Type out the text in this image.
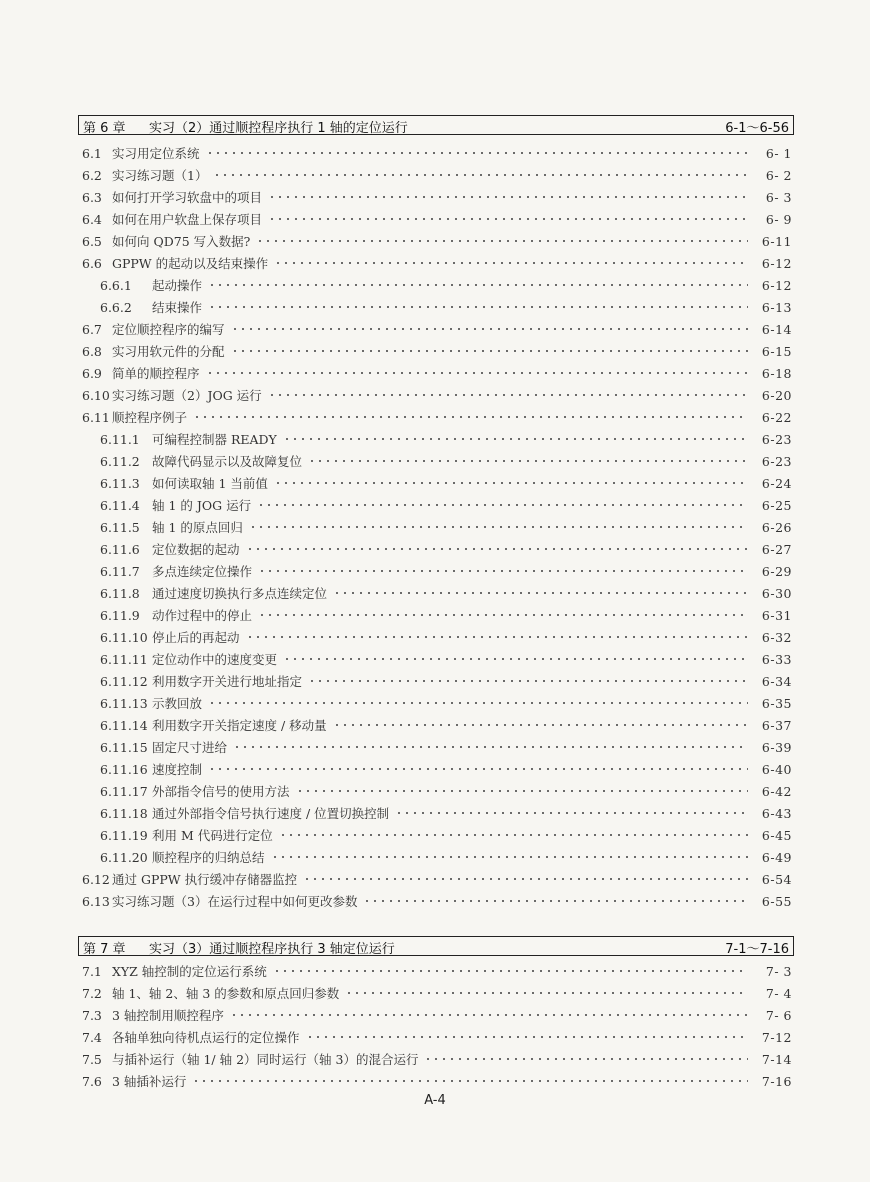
第 6 章 实习（2）通过顺控程序执行 1 轴的定位运行	6-1～6-56
6.1 实习用定位系统	6- 1
6.2 实习练习题（1）	6- 2
6.3 如何打开学习软盘中的项目	6- 3
6.4 如何在用户软盘上保存项目	6- 9
6.5 如何向 QD75 写入数据?	6-11
6.6 GPPW 的起动以及结束操作	6-12
6.6.1	起动操作	6-12
6.6.2	结束操作	6-13
6.7 定位顺控程序的编写	6-14
6.8 实习用软元件的分配	6-15
6.9 简单的顺控程序	6-18
6.10 实习练习题（2）JOG 运行	6-20
6.11 顺控程序例子	6-22
6.11.1 可编程控制器 READY	6-23
6.11.2 故障代码显示以及故障复位	6-23
6.11.3 如何读取轴 1 当前值	6-24
6.11.4 轴 1 的 JOG 运行	6-25
6.11.5 轴 1 的原点回归	6-26
6.11.6 定位数据的起动	6-27
6.11.7 多点连续定位操作	6-29
6.11.8 通过速度切换执行多点连续定位	6-30
6.11.9 动作过程中的停止	6-31
6.11.10 停止后的再起动	6-32
6.11.11 定位动作中的速度变更	6-33
6.11.12 利用数字开关进行地址指定	6-34
6.11.13 示教回放	6-35
6.11.14 利用数字开关指定速度 / 移动量	6-37
6.11.15 固定尺寸进给	6-39
6.11.16 速度控制	6-40
6.11.17 外部指令信号的使用方法	6-42
6.11.18 通过外部指令信号执行速度 / 位置切换控制	6-43
6.11.19 利用 M 代码进行定位	6-45
6.11.20 顺控程序的归纳总结	6-49
6.12 通过 GPPW 执行缓冲存储器监控	6-54
6.13 实习练习题（3）在运行过程中如何更改参数	6-55
第 7 章 实习（3）通过顺控程序执行 3 轴定位运行	7-1～7-16
7.1 XYZ 轴控制的定位运行系统	7- 3
7.2 轴 1、轴 2、轴 3 的参数和原点回归参数	7- 4
7.3 3 轴控制用顺控程序	7- 6
7.4 各轴单独向待机点运行的定位操作	7-12
7.5 与插补运行（轴 1/ 轴 2）同时运行（轴 3）的混合运行	7-14
7.6 3 轴插补运行	7-16
A-4
